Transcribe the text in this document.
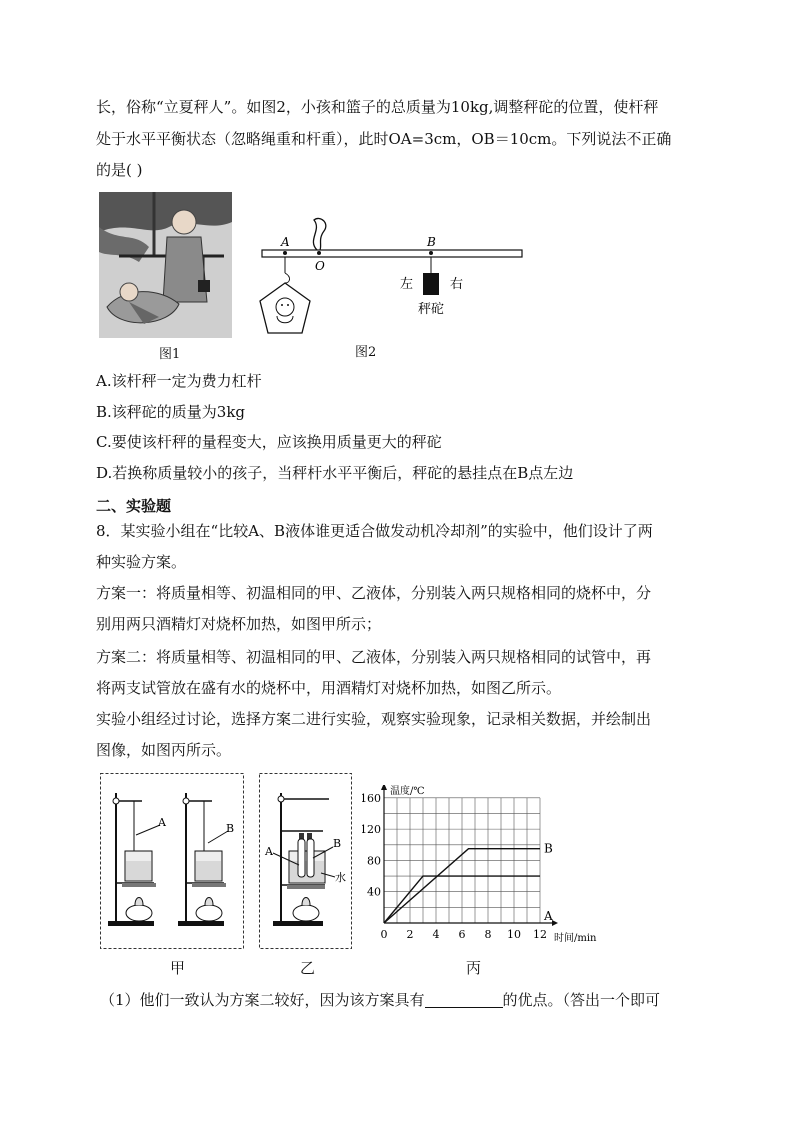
长，俗称“立夏秤人”。如图2，小孩和篮子的总质量为10kg,调整秤砣的位置，使杆秤
处于水平平衡状态（忽略绳重和杆重），此时OA=3cm，OB＝10cm。下列说法不正确
的是( )
图1
O
A	B
左	右
秤砣
图2
A.该杆秤一定为费力杠杆
B.该秤砣的质量为3kg
C.要使该杆秤的量程变大，应该换用质量更大的秤砣
D.若换称质量较小的孩子，当秤杆水平平衡后，秤砣的悬挂点在B点左边
二、实验题
8．某实验小组在“比较A、B液体谁更适合做发动机冷却剂”的实验中，他们设计了两
种实验方案。
方案一：将质量相等、初温相同的甲、乙液体，分别装入两只规格相同的烧杯中，分
别用两只酒精灯对烧杯加热，如图甲所示；
方案二：将质量相等、初温相同的甲、乙液体，分别装入两只规格相同的试管中，再
将两支试管放在盛有水的烧杯中，用酒精灯对烧杯加热，如图乙所示。
实验小组经过讨论，选择方案二进行实验，观察实验现象，记录相关数据，并绘制出
图像，如图丙所示。
A	B
甲
A
B
水
乙
0 2 4 6 8 10 12
40
80
120
160
温度/℃
时间/min
A
B
丙
（1）他们一致认为方案二较好，因为该方案具有	的优点。（答出一个即可
